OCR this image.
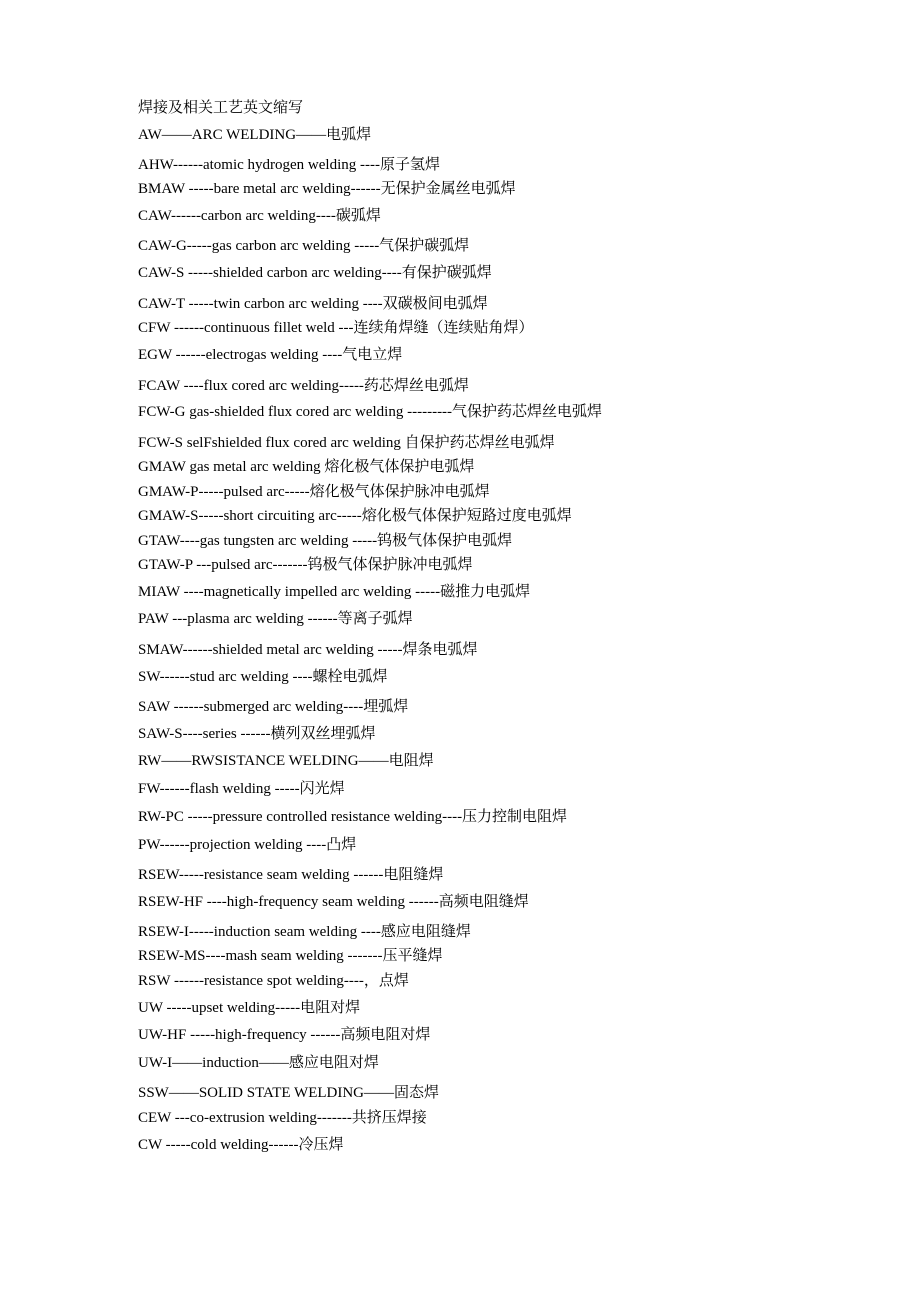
焊接及相关工艺英文缩写
AW——ARC WELDING——电弧焊
AHW------atomic hydrogen welding ----原子氢焊
BMAW -----bare metal arc welding------无保护金属丝电弧焊
CAW------carbon arc welding----碳弧焊
CAW-G-----gas carbon arc welding -----气保护碳弧焊
CAW-S -----shielded carbon arc welding----有保护碳弧焊
CAW-T -----twin carbon arc welding ----双碳极间电弧焊
CFW ------continuous fillet weld ---连续角焊缝（连续贴角焊）
EGW ------electrogas welding ----气电立焊
FCAW ----flux cored arc welding-----药芯焊丝电弧焊
FCW-G gas-shielded flux cored arc welding ---------气保护药芯焊丝电弧焊
FCW-S selFshielded flux cored arc welding 自保护药芯焊丝电弧焊
GMAW gas metal arc welding 熔化极气体保护电弧焊
GMAW-P-----pulsed arc-----熔化极气体保护脉冲电弧焊
GMAW-S-----short circuiting arc-----熔化极气体保护短路过度电弧焊
GTAW----gas tungsten arc welding -----钨极气体保护电弧焊
GTAW-P ---pulsed arc-------钨极气体保护脉冲电弧焊
MIAW ----magnetically impelled arc welding -----磁推力电弧焊
PAW ---plasma arc welding ------等离子弧焊
SMAW------shielded metal arc welding -----焊条电弧焊
SW------stud arc welding ----螺栓电弧焊
SAW ------submerged arc welding----埋弧焊
SAW-S----series ------横列双丝埋弧焊
RW——RWSISTANCE WELDING——电阻焊
FW------flash welding -----闪光焊
RW-PC -----pressure controlled resistance welding----压力控制电阻焊
PW------projection welding ----凸焊
RSEW-----resistance seam welding ------电阻缝焊
RSEW-HF ----high-frequency seam welding ------高频电阻缝焊
RSEW-I-----induction seam welding ----感应电阻缝焊
RSEW-MS----mash seam welding -------压平缝焊
RSW ------resistance spot welding----，点焊
UW -----upset welding-----电阻对焊
UW-HF -----high-frequency ------高频电阻对焊
UW-I——induction——感应电阻对焊
SSW——SOLID STATE WELDING——固态焊
CEW ---co-extrusion welding-------共挤压焊接
CW -----cold welding------冷压焊
